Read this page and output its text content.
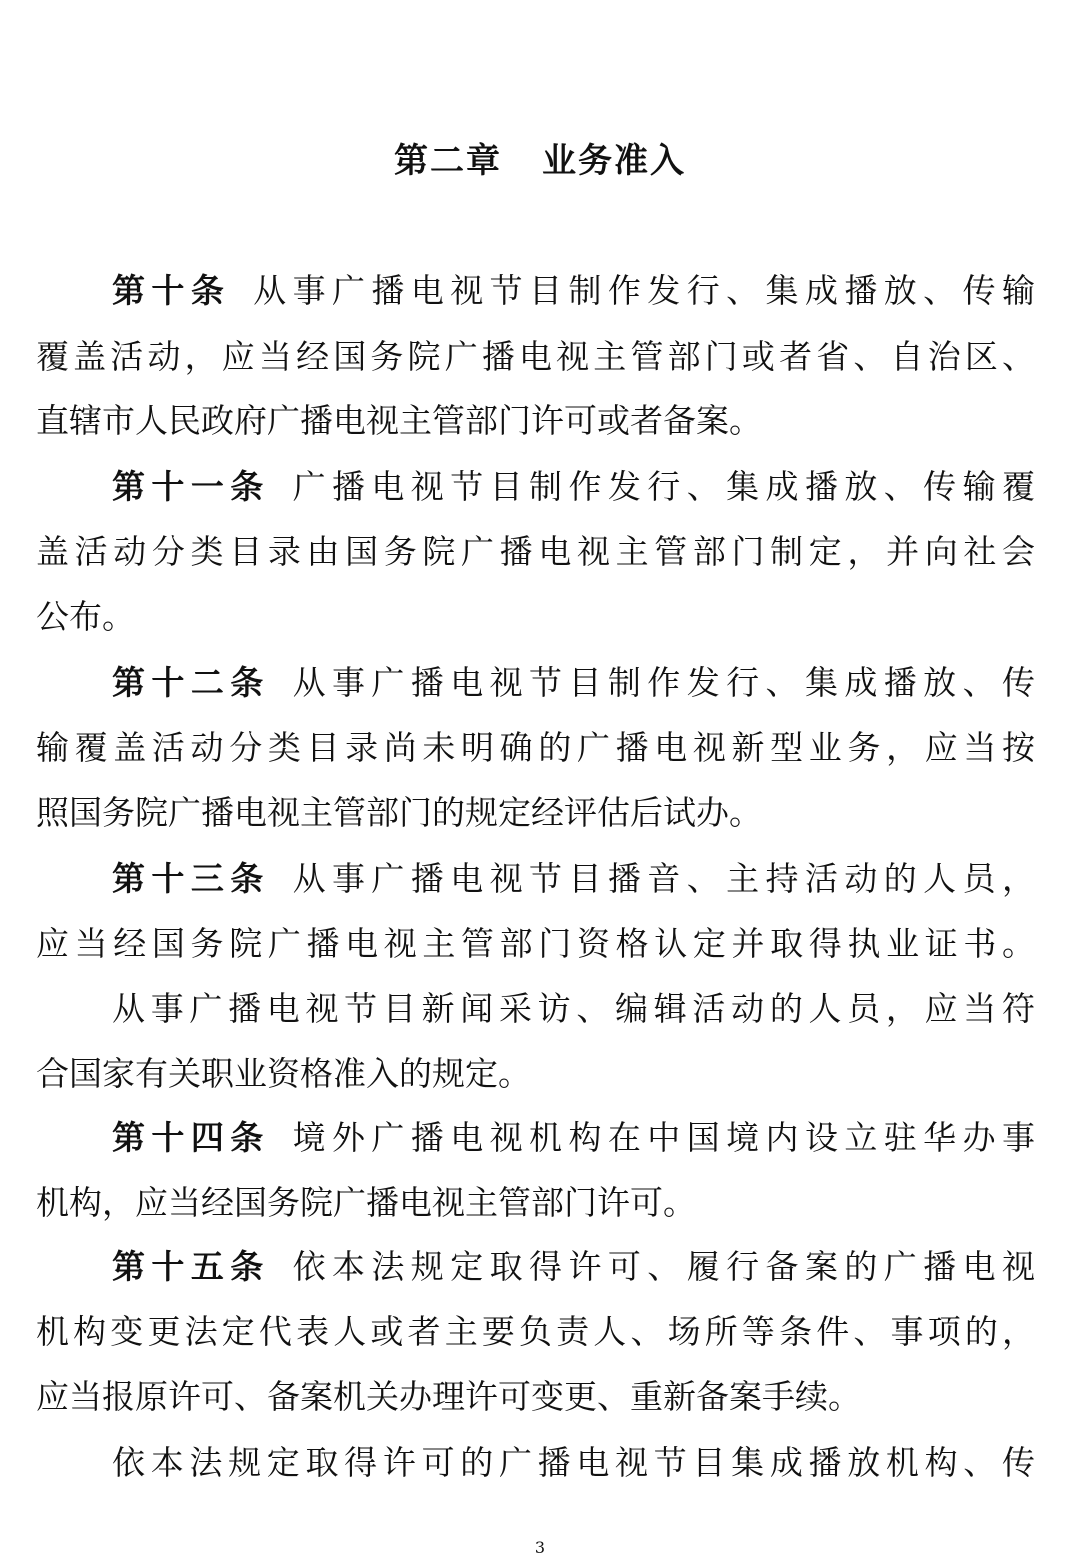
第二章 业务准入

第十条  从事广播电视节目制作发行、集成播放、传输

覆盖活动，应当经国务院广播电视主管部门或者省、自治区、

直辖市人民政府广播电视主管部门许可或者备案。

第十一条  广播电视节目制作发行、集成播放、传输覆

盖活动分类目录由国务院广播电视主管部门制定，并向社会

公布。

第十二条  从事广播电视节目制作发行、集成播放、传

输覆盖活动分类目录尚未明确的广播电视新型业务，应当按

照国务院广播电视主管部门的规定经评估后试办。

第十三条  从事广播电视节目播音、主持活动的人员，

应当经国务院广播电视主管部门资格认定并取得执业证书。

从事广播电视节目新闻采访、编辑活动的人员，应当符

合国家有关职业资格准入的规定。

第十四条  境外广播电视机构在中国境内设立驻华办事

机构，应当经国务院广播电视主管部门许可。

第十五条  依本法规定取得许可、履行备案的广播电视

机构变更法定代表人或者主要负责人、场所等条件、事项的，

应当报原许可、备案机关办理许可变更、重新备案手续。

依本法规定取得许可的广播电视节目集成播放机构、传

3
